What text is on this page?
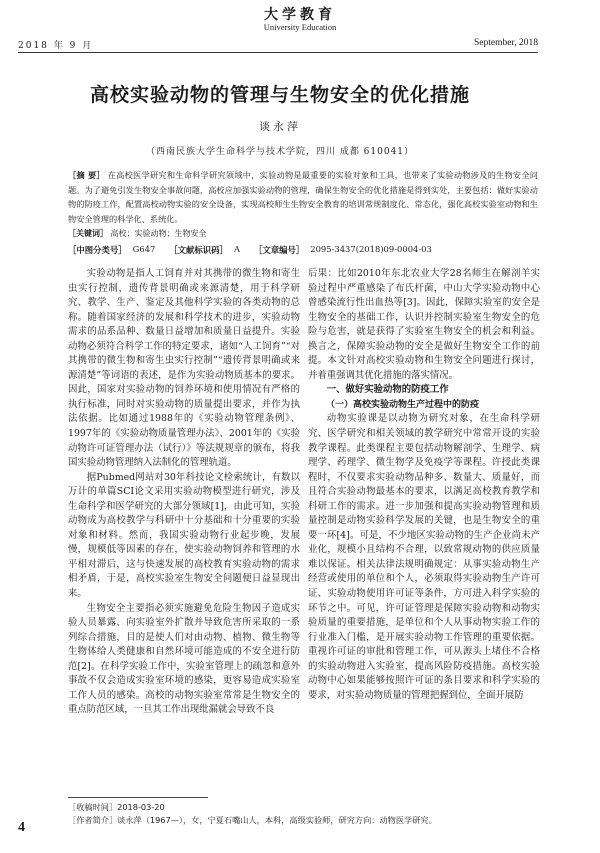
大学教育
University Education
2018 年 9 月	September, 2018
高校实验动物的管理与生物安全的优化措施
谈永萍
（西南民族大学生命科学与技术学院，四川 成都 610041）
［摘 要］ 在高校医学研究和生命科学研究领域中，实验动物是最重要的实验对象和工具，也带来了实验动物涉及的生物安全问题。为了避免引发生物安全事故问题，高校应加强实验动物的管理，确保生物安全的优化措施是得到实处，主要包括：做好实验动物的防疫工作，配置高校动物实验的安全设备，实现高校师生生物安全教育的培训常规制度化、常态化，强化高校实验室动物和生物安全管理的科学化、系统化。
［关键词］ 高校；实验动物；生物安全
［中图分类号］ G647 ［文献标识码］ A ［文章编号］ 2095-3437(2018)09-0004-03

实验动物是指人工饲育并对其携带的微生物和寄生虫实行控制，遗传背景明确或来源清楚，用于科学研究、教学、生产、鉴定及其他科学实验的各类动物的总称。随着国家经济的发展和科学技术的进步，实验动物需求的品系品种、数量日益增加和质量日益提升。实验动物必须符合科学工作的特定要求，诸如“人工饲育”“对其携带的微生物和寄生虫实行控制”“遗传背景明确或来源清楚”等词语的表述，是作为实验动物质基本的要求。因此，国家对实验动物的饲养环境和使用情况有严格的执行标准，同时对实验动物的质量提出要求，并作为执法依据。比如通过1988年的《实验动物管理条例》、1997年的《实验动物质量管理办法》、2001年的《实验动物许可证管理办法（试行）》等法规规章的颁布，将我国实验动物管理纳入法制化的管理轨道。

据Pubmed网站对30年科技论文检索统计，有数以万计的单篇SCI论文采用实验动物模型进行研究，涉及生命科学和医学研究的大部分领域[1]，由此可知，实验动物成为高校教学与科研中十分基础和十分重要的实验对象和材料。然而，我国实验动物行业起步晚，发展慢，规模低等因素的存在，使实验动物饲养和管理的水平相对滞后，这与快速发展的高校教育实验动物的需求相矛盾，于是，高校实验室生物安全问题便日益显现出来。

生物安全主要指必须实施避免危险生物因子造成实验人员暴露、向实验室外扩散并导致危害所采取的一系列综合措施，目的是使人们对由动物、植物、微生物等生物体给人类健康和自然环境可能造成的不安全进行防范[2]。在科学实验工作中，实验室管理上的疏忽和意外事故不仅会造成实验室环境的感染，更容易造成实验室工作人员的感染。高校的动物实验室常常是生物安全的重点防范区域，一旦其工作出现纰漏就会导致不良

后果：比如2010年东北农业大学28名师生在解剖羊实验过程中严重感染了布氏杆菌，中山大学实验动物中心曾感染流行性出血热等[3]。因此，保障实验室的安全是生物安全的基础工作，认识并控制实验室生物安全的危险与危害，就是获得了实验室生物安全的机会和利益。换言之，保障实验动物的安全是做好生物安全工作的前提。本文针对高校实验动物和生物安全问题进行探讨，并着重强调其优化措施的落实情况。

一、做好实验动物的防疫工作

（一）高校实验动物生产过程中的防疫

动物实验课是以动物为研究对象，在生命科学研究、医学研究和相关领域的教学研究中常常开设的实验教学课程。此类课程主要包括动物解剖学、生理学、病理学、药理学、微生物学及免疫学等课程。许授此类课程时，不仅要求实验动物品种多、数量大、质量好，而且符合实验动物最基本的要求，以满足高校教育教学和科研工作的需求。进一步加强和提高实验动物管理和质量控制是动物实验科学发展的关键，也是生物安全的重要一环[4]。可是，不少地区实验动物的生产企业尚未产业化，规模小且结构不合理，以致常规动物的供应质量难以保证。相关法律法规明确规定：从事实验动物生产经营或使用的单位和个人，必须取得实验动物生产许可证、实验动物使用许可证等条件，方可进入科学实验的环节之中。可见，许可证管理是保障实验动物和动物实验质量的重要措施，是单位和个人从事动物实验工作的行业准入门槛，是开展实验动物工作管理的重要依据。重视许可证的审批和管理工作，可从源头上堵住不合格的实验动物进入实验室，提高风险防疫措施。高校实验动物中心如果能够按照许可证的条目要求和科学实验的要求，对实验动物质量的管理把握到位，全面开展防

［收稿时间］2018-03-20
［作者简介］谈永萍（1967—），女，宁夏石嘴山人，本科，高级实验师，研究方向：动物医学研究。
4
